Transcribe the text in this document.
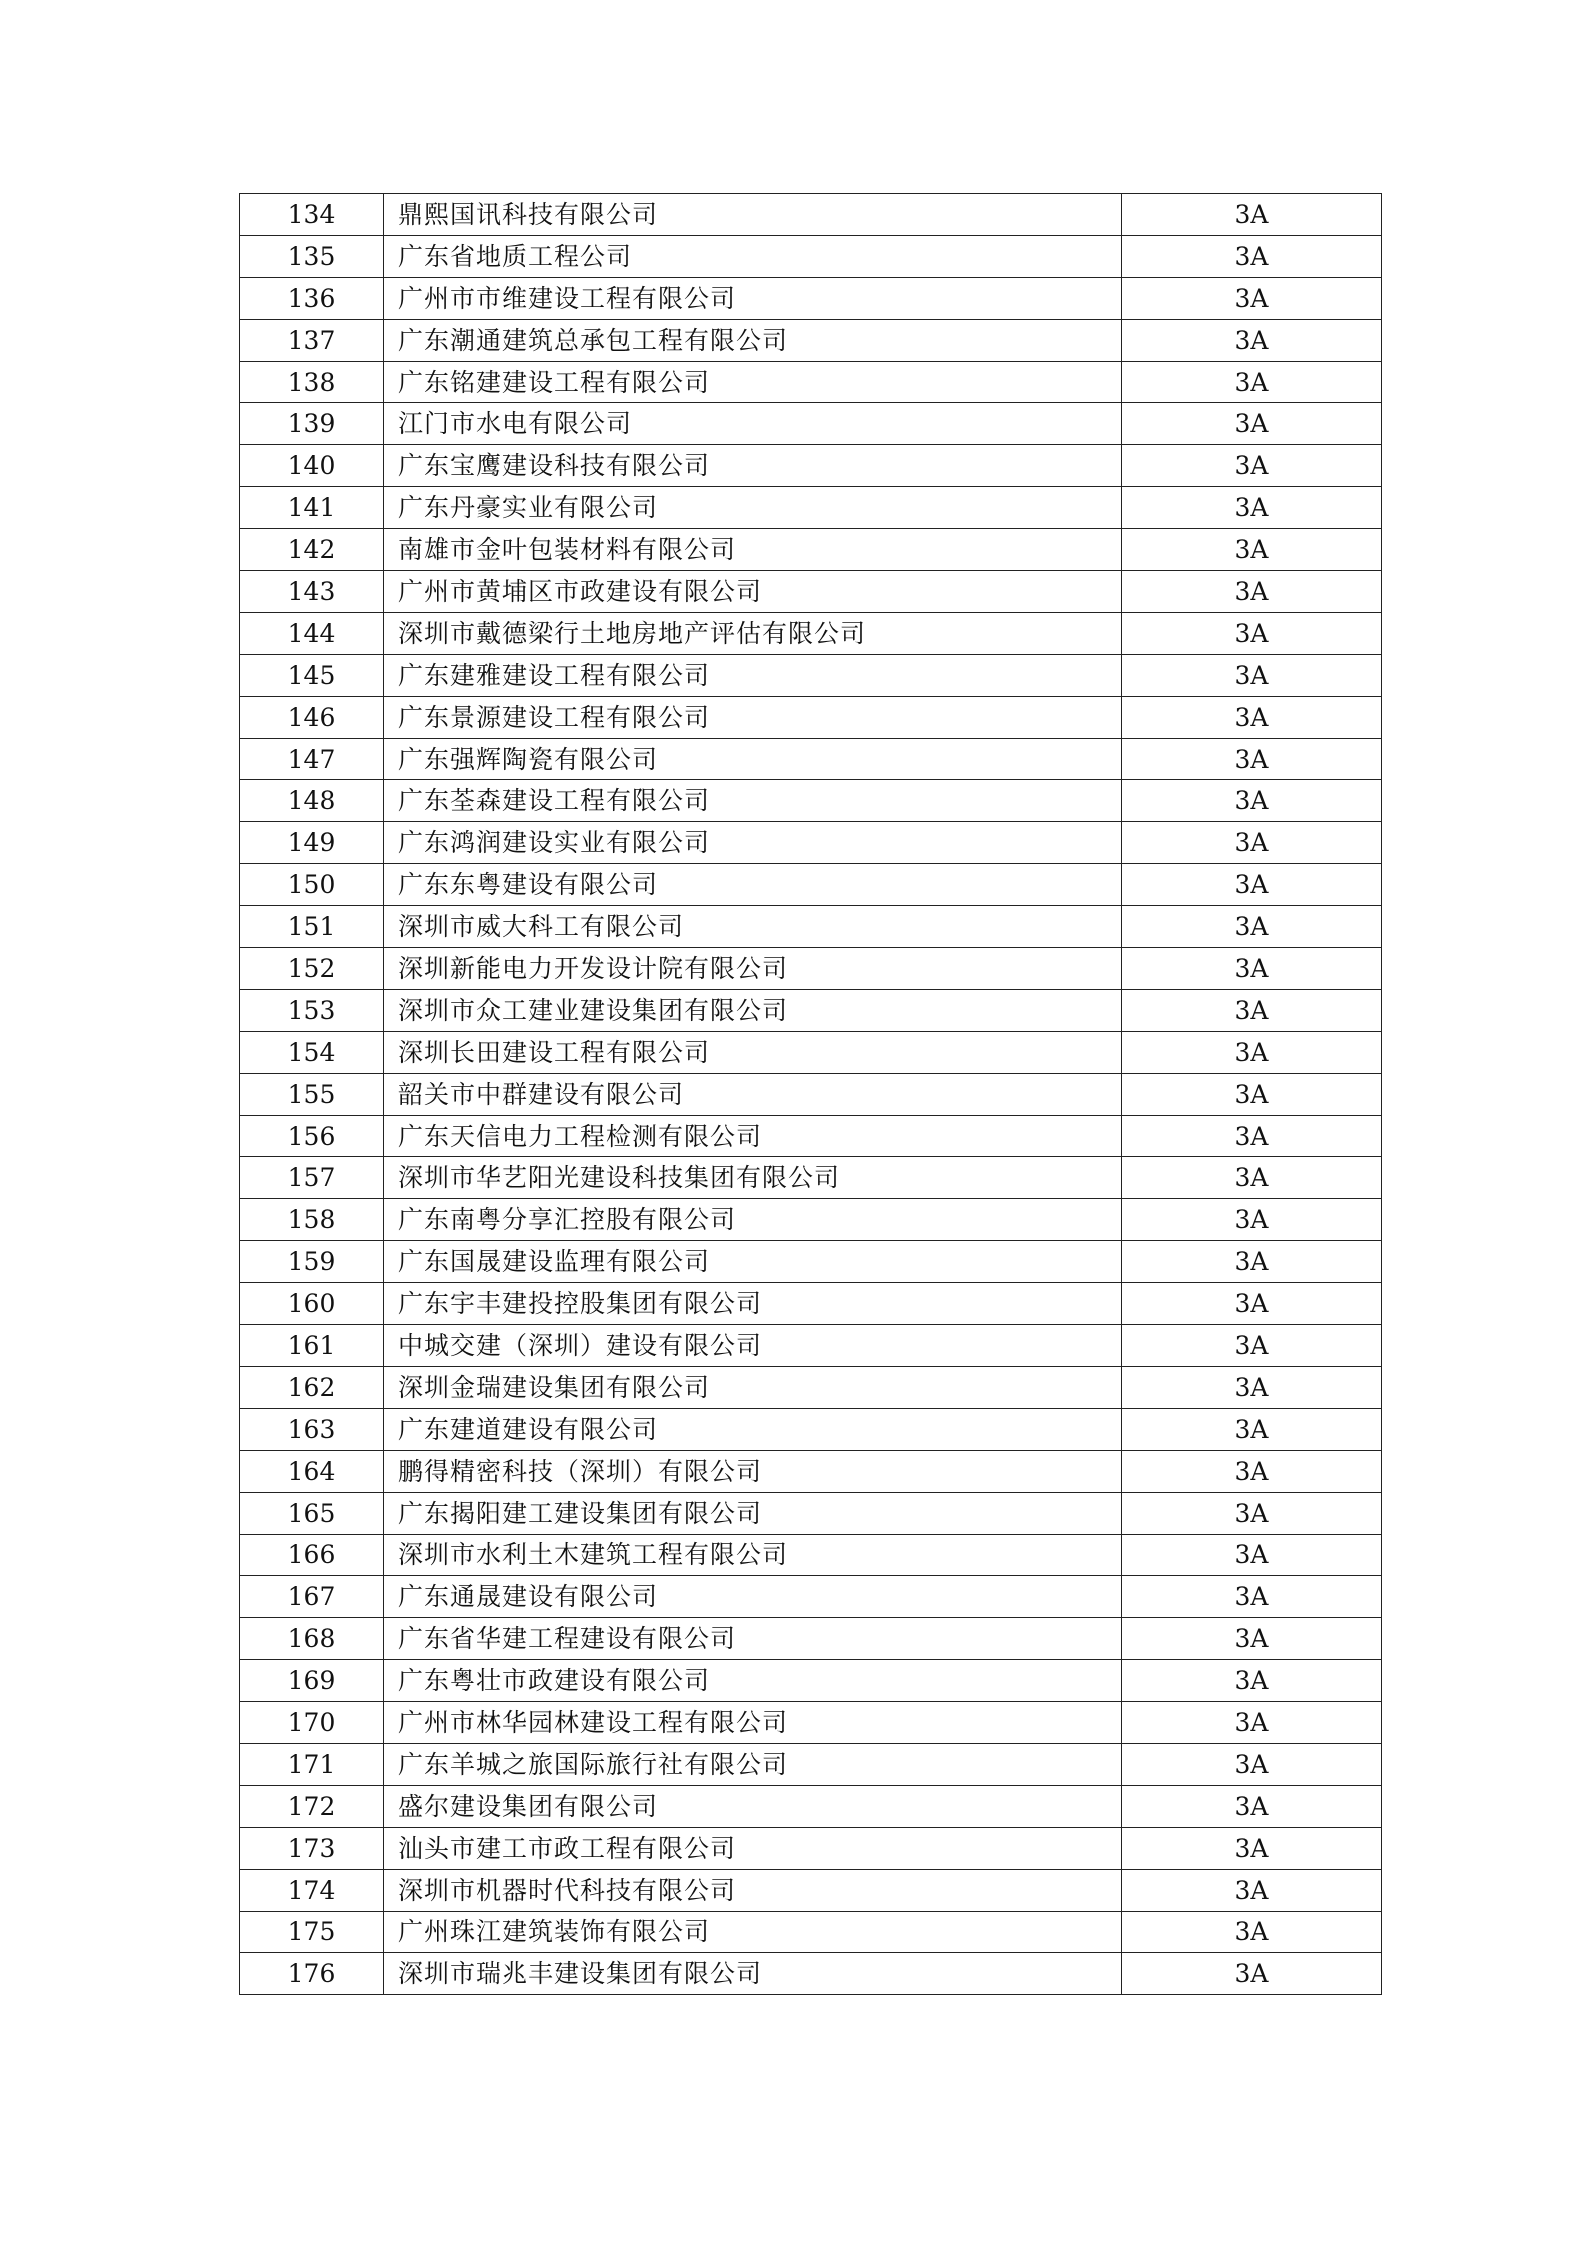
134	鼎熙国讯科技有限公司	3A
135	广东省地质工程公司	3A
136	广州市市维建设工程有限公司	3A
137	广东潮通建筑总承包工程有限公司	3A
138	广东铭建建设工程有限公司	3A
139	江门市水电有限公司	3A
140	广东宝鹰建设科技有限公司	3A
141	广东丹豪实业有限公司	3A
142	南雄市金叶包装材料有限公司	3A
143	广州市黄埔区市政建设有限公司	3A
144	深圳市戴德梁行土地房地产评估有限公司	3A
145	广东建雅建设工程有限公司	3A
146	广东景源建设工程有限公司	3A
147	广东强辉陶瓷有限公司	3A
148	广东荃森建设工程有限公司	3A
149	广东鸿润建设实业有限公司	3A
150	广东东粤建设有限公司	3A
151	深圳市威大科工有限公司	3A
152	深圳新能电力开发设计院有限公司	3A
153	深圳市众工建业建设集团有限公司	3A
154	深圳长田建设工程有限公司	3A
155	韶关市中群建设有限公司	3A
156	广东天信电力工程检测有限公司	3A
157	深圳市华艺阳光建设科技集团有限公司	3A
158	广东南粤分享汇控股有限公司	3A
159	广东国晟建设监理有限公司	3A
160	广东宇丰建投控股集团有限公司	3A
161	中城交建（深圳）建设有限公司	3A
162	深圳金瑞建设集团有限公司	3A
163	广东建道建设有限公司	3A
164	鹏得精密科技（深圳）有限公司	3A
165	广东揭阳建工建设集团有限公司	3A
166	深圳市水利土木建筑工程有限公司	3A
167	广东通晟建设有限公司	3A
168	广东省华建工程建设有限公司	3A
169	广东粤壮市政建设有限公司	3A
170	广州市林华园林建设工程有限公司	3A
171	广东羊城之旅国际旅行社有限公司	3A
172	盛尔建设集团有限公司	3A
173	汕头市建工市政工程有限公司	3A
174	深圳市机器时代科技有限公司	3A
175	广州珠江建筑装饰有限公司	3A
176	深圳市瑞兆丰建设集团有限公司	3A
